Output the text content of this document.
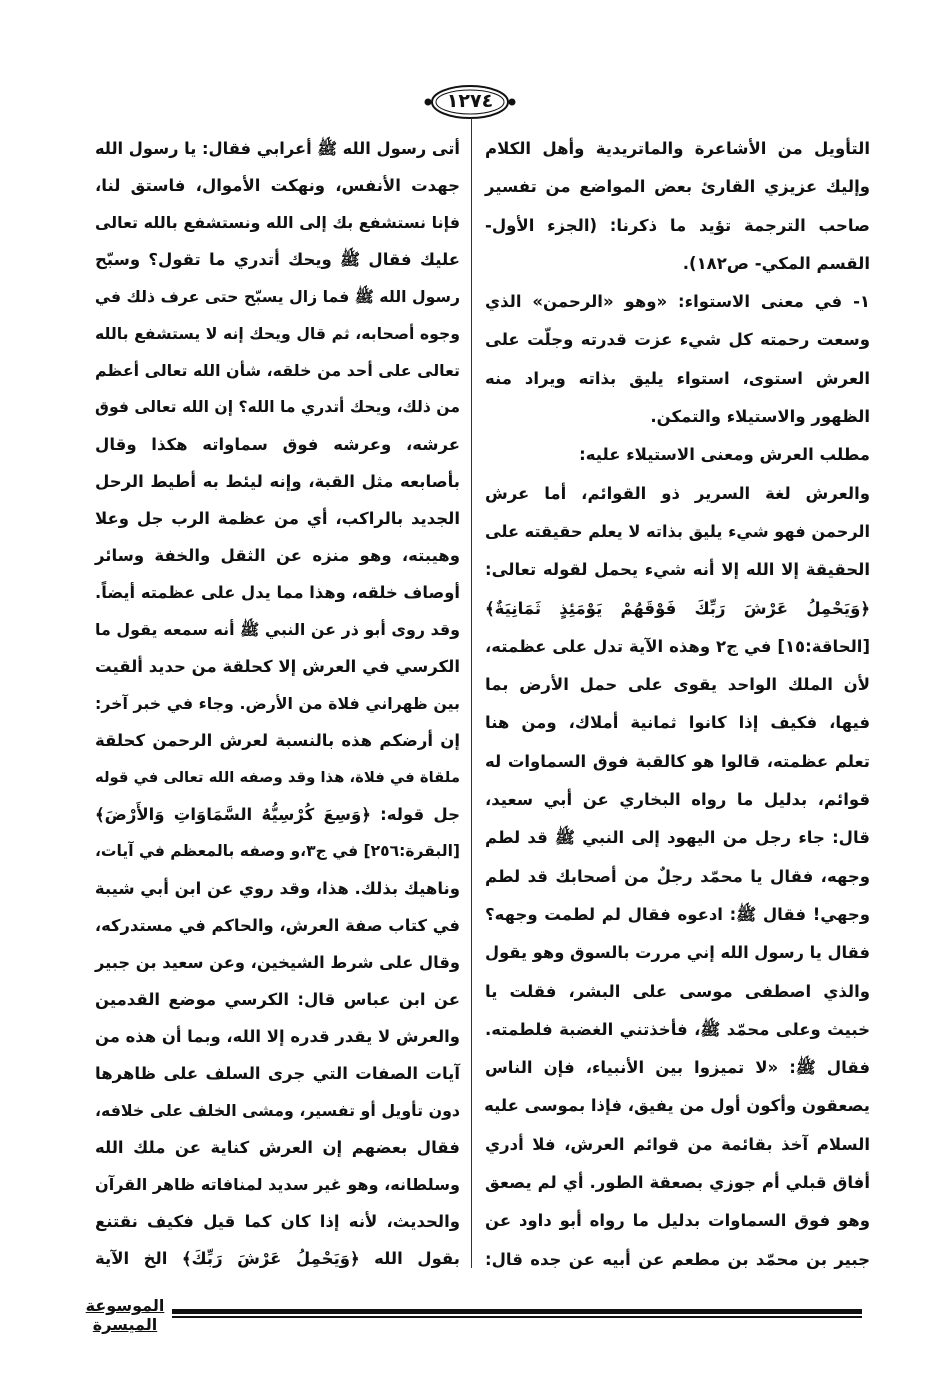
١٢٧٤
التأويل من الأشاعرة والماتريدية وأهل الكلام
وإليك عزيزي القارئ بعض المواضع من تفسير
صاحب الترجمة تؤيد ما ذكرنا: (الجزء الأول-
القسم المكي- ص١٨٢).
١- في معنى الاستواء: «وهو «الرحمن» الذي
وسعت رحمته كل شيء عزت قدرته وجلّت على
العرش استوى، استواء يليق بذاته ويراد منه
الظهور والاستيلاء والتمكن.
مطلب العرش ومعنى الاستيلاء عليه:
والعرش لغة السرير ذو القوائم، أما عرش
الرحمن فهو شيء يليق بذاته لا يعلم حقيقته على
الحقيقة إلا الله إلا أنه شيء يحمل لقوله تعالى:
﴿وَيَحْمِلُ عَرْشَ رَبِّكَ فَوْقَهُمْ يَوْمَئِذٍ ثَمَانِيَةٌ﴾
[الحاقة:١٥] في ج٢ وهذه الآية تدل على عظمته،
لأن الملك الواحد يقوى على حمل الأرض بما
فيها، فكيف إذا كانوا ثمانية أملاك، ومن هنا
تعلم عظمته، قالوا هو كالقبة فوق السماوات له
قوائم، بدليل ما رواه البخاري عن أبي سعيد،
قال: جاء رجل من اليهود إلى النبي ﷺ قد لطم
وجهه، فقال يا محمّد رجلٌ من أصحابك قد لطم
وجهي! فقال ﷺ: ادعوه فقال لم لطمت وجهه؟
فقال يا رسول الله إني مررت بالسوق وهو يقول
والذي اصطفى موسى على البشر، فقلت يا
خبيث وعلى محمّد ﷺ، فأخذتني الغضبة فلطمته.
فقال ﷺ: «لا تميزوا بين الأنبياء، فإن الناس
يصعقون وأكون أول من يفيق، فإذا بموسى عليه
السلام آخذ بقائمة من قوائم العرش، فلا أدري
أفاق قبلي أم جوزي بصعقة الطور. أي لم يصعق
وهو فوق السماوات بدليل ما رواه أبو داود عن
جبير بن محمّد بن مطعم عن أبيه عن جده قال:
أتى رسول الله ﷺ أعرابي فقال: يا رسول الله
جهدت الأنفس، ونهكت الأموال، فاستق لنا،
فإنا نستشفع بك إلى الله ونستشفع بالله تعالى
عليك فقال ﷺ ويحك أتدري ما تقول؟ وسبّح
رسول الله ﷺ فما زال يسبّح حتى عرف ذلك في
وجوه أصحابه، ثم قال ويحك إنه لا يستشفع بالله
تعالى على أحد من خلقه، شأن الله تعالى أعظم
من ذلك، ويحك أتدري ما الله؟ إن الله تعالى فوق
عرشه، وعرشه فوق سماواته هكذا وقال
بأصابعه مثل القبة، وإنه ليئط به أطيط الرحل
الجديد بالراكب، أي من عظمة الرب جل وعلا
وهيبته، وهو منزه عن الثقل والخفة وسائر
أوصاف خلقه، وهذا مما يدل على عظمته أيضاً.
وقد روى أبو ذر عن النبي ﷺ أنه سمعه يقول ما
الكرسي في العرش إلا كحلقة من حديد ألقيت
بين ظهراني فلاة من الأرض. وجاء في خبر آخر:
إن أرضكم هذه بالنسبة لعرش الرحمن كحلقة
ملقاة في فلاة، هذا وقد وصفه الله تعالى في قوله
جل قوله: ﴿وَسِعَ كُرْسِيُّهُ السَّمَاوَاتِ وَالأَرْضَ﴾
[البقرة:٢٥٦] في ج٣،و وصفه بالمعظم في آيات،
وناهيك بذلك. هذا، وقد روي عن ابن أبي شيبة
في كتاب صفة العرش، والحاكم في مستدركه،
وقال على شرط الشيخين، وعن سعيد بن جبير
عن ابن عباس قال: الكرسي موضع القدمين
والعرش لا يقدر قدره إلا الله، وبما أن هذه من
آيات الصفات التي جرى السلف على ظاهرها
دون تأويل أو تفسير، ومشى الخلف على خلافه،
فقال بعضهم إن العرش كناية عن ملك الله
وسلطانه، وهو غير سديد لمنافاته ظاهر القرآن
والحديث، لأنه إذا كان كما قيل فكيف نقتنع
بقول الله ﴿وَيَحْمِلُ عَرْشَ رَبِّكَ﴾ الخ الآية
الموسوعة الميسرة
